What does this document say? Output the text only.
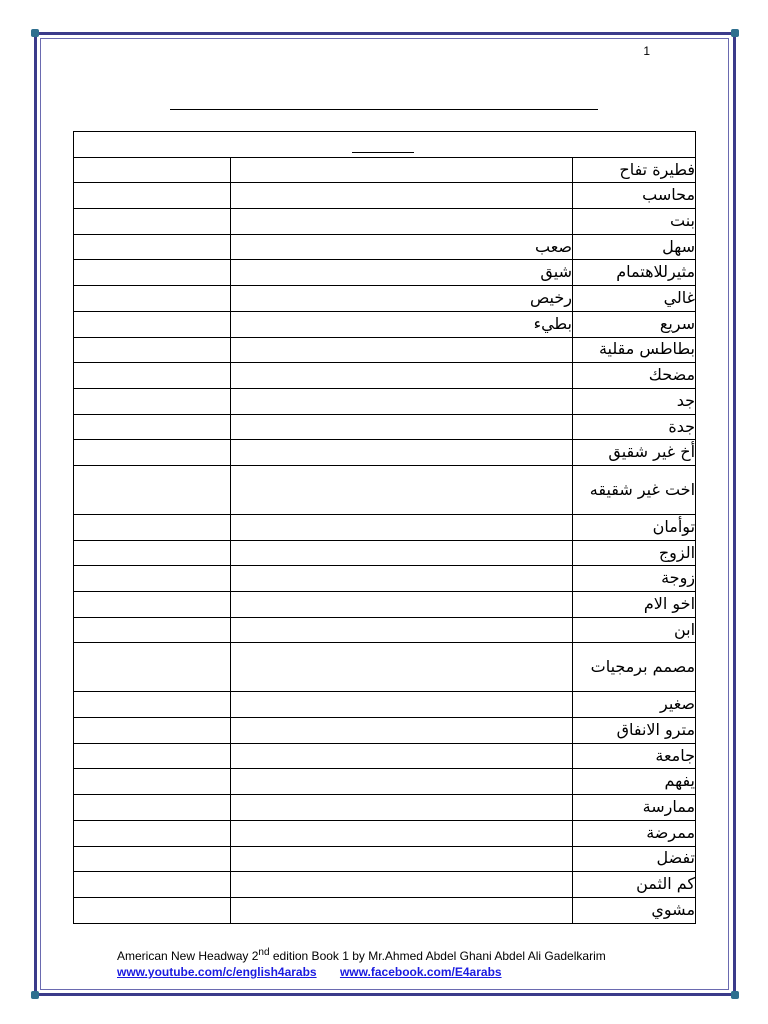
1

		فطيرة تفاح
		محاسب
		بنت
	صعب	سهل
	شيق	مثيرللاهتمام
	رخيص	غالي
	بطيء	سريع
		بطاطس مقلية
		مضحك
		جد
		جدة
		أخ غير شقيق
		اخت غير شقيقه
		توأمان
		الزوج
		زوجة
		اخو الام
		ابن
		مصمم برمجيات
		صغير
		مترو الانفاق
		جامعة
		يفهم
		ممارسة
		ممرضة
		تفضل
		كم الثمن
		مشوي

American New Headway 2nd edition Book 1 by Mr.Ahmed Abdel Ghani Abdel Ali Gadelkarim

www.youtube.com/c/english4arabs www.facebook.com/E4arabs
